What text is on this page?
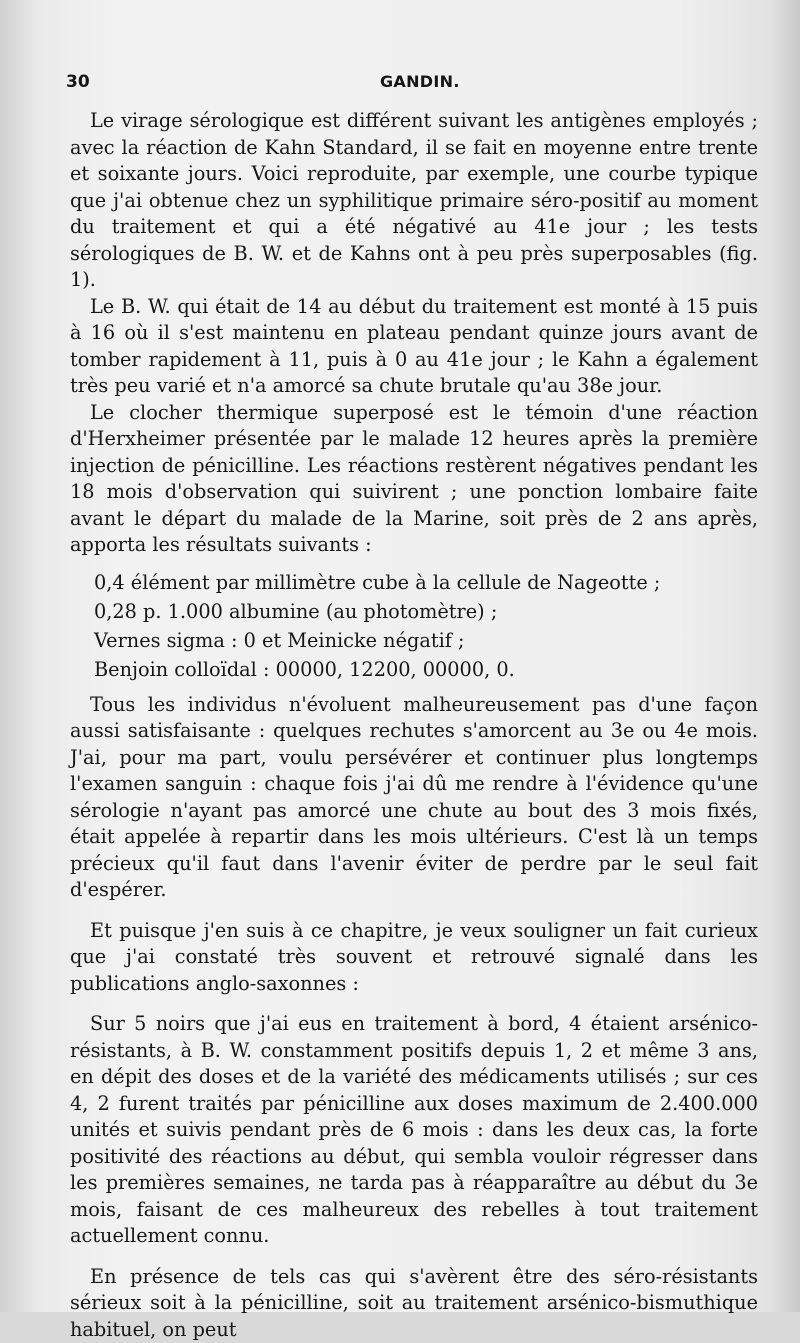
30	GANDIN.

Le virage sérologique est différent suivant les antigènes employés ; avec la réaction de Kahn Standard, il se fait en moyenne entre trente et soixante jours. Voici reproduite, par exemple, une courbe typique que j'ai obtenue chez un syphilitique primaire séro-positif au moment du traitement et qui a été négativé au 41e jour ; les tests sérologiques de B. W. et de Kahns ont à peu près superposables (fig. 1).

Le B. W. qui était de 14 au début du traitement est monté à 15 puis à 16 où il s'est maintenu en plateau pendant quinze jours avant de tomber rapidement à 11, puis à 0 au 41e jour ; le Kahn a également très peu varié et n'a amorcé sa chute brutale qu'au 38e jour.

Le clocher thermique superposé est le témoin d'une réaction d'Herxheimer présentée par le malade 12 heures après la première injection de pénicilline. Les réactions restèrent négatives pendant les 18 mois d'observation qui suivirent ; une ponction lombaire faite avant le départ du malade de la Marine, soit près de 2 ans après, apporta les résultats suivants :

0,4 élément par millimètre cube à la cellule de Nageotte ;
0,28 p. 1.000 albumine (au photomètre) ;
Vernes sigma : 0 et Meinicke négatif ;
Benjoin colloïdal : 00000, 12200, 00000, 0.

Tous les individus n'évoluent malheureusement pas d'une façon aussi satisfaisante : quelques rechutes s'amorcent au 3e ou 4e mois. J'ai, pour ma part, voulu persévérer et continuer plus longtemps l'examen sanguin : chaque fois j'ai dû me rendre à l'évidence qu'une sérologie n'ayant pas amorcé une chute au bout des 3 mois fixés, était appelée à repartir dans les mois ultérieurs. C'est là un temps précieux qu'il faut dans l'avenir éviter de perdre par le seul fait d'espérer.

Et puisque j'en suis à ce chapitre, je veux souligner un fait curieux que j'ai constaté très souvent et retrouvé signalé dans les publications anglo-saxonnes :

Sur 5 noirs que j'ai eus en traitement à bord, 4 étaient arsénico-résistants, à B. W. constamment positifs depuis 1, 2 et même 3 ans, en dépit des doses et de la variété des médicaments utilisés ; sur ces 4, 2 furent traités par pénicilline aux doses maximum de 2.400.000 unités et suivis pendant près de 6 mois : dans les deux cas, la forte positivité des réactions au début, qui sembla vouloir régresser dans les premières semaines, ne tarda pas à réapparaître au début du 3e mois, faisant de ces malheureux des rebelles à tout traitement actuellement connu.

En présence de tels cas qui s'avèrent être des séro-résistants sérieux soit à la pénicilline, soit au traitement arsénico-bismuthique habituel, on peut
